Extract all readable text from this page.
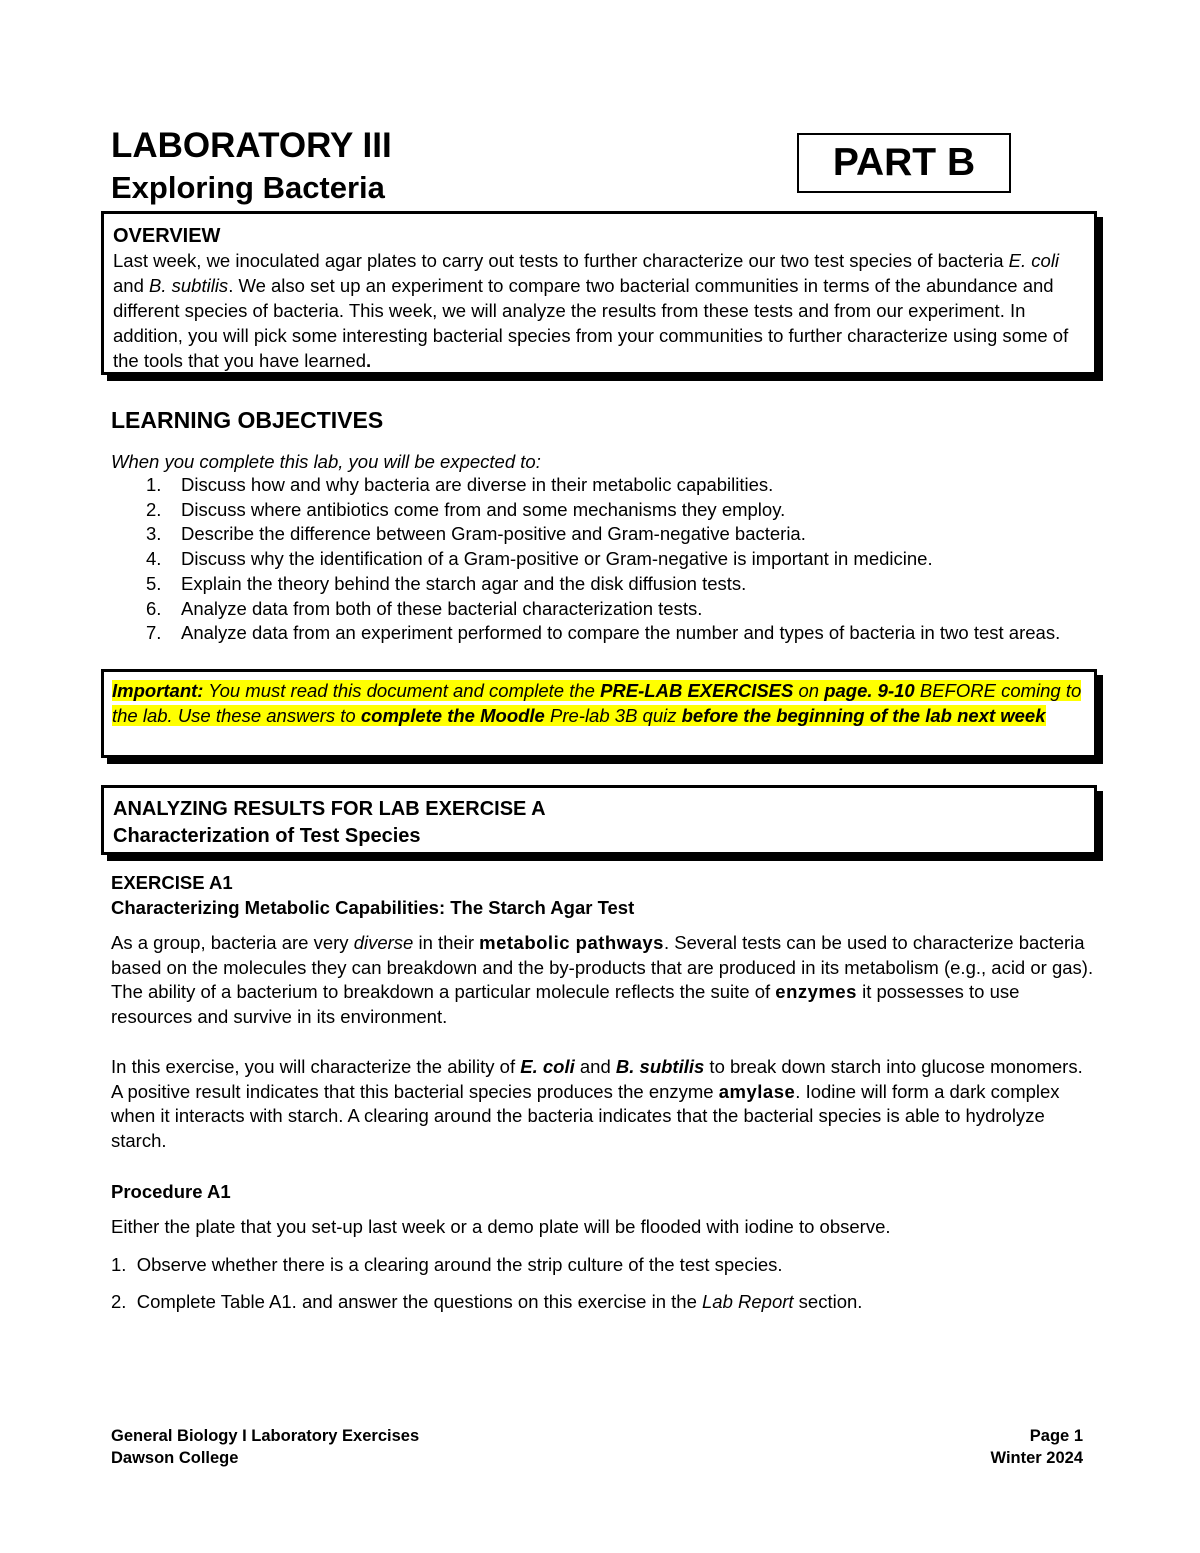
LABORATORY III
Exploring Bacteria
PART B
OVERVIEW
Last week, we inoculated agar plates to carry out tests to further characterize our two test species of bacteria E. coli and B. subtilis. We also set up an experiment to compare two bacterial communities in terms of the abundance and different species of bacteria. This week, we will analyze the results from these tests and from our experiment. In addition, you will pick some interesting bacterial species from your communities to further characterize using some of the tools that you have learned.
LEARNING OBJECTIVES
When you complete this lab, you will be expected to:
1. Discuss how and why bacteria are diverse in their metabolic capabilities.
2. Discuss where antibiotics come from and some mechanisms they employ.
3. Describe the difference between Gram-positive and Gram-negative bacteria.
4. Discuss why the identification of a Gram-positive or Gram-negative is important in medicine.
5. Explain the theory behind the starch agar and the disk diffusion tests.
6. Analyze data from both of these bacterial characterization tests.
7. Analyze data from an experiment performed to compare the number and types of bacteria in two test areas.
Important: You must read this document and complete the PRE-LAB EXERCISES on page. 9-10 BEFORE coming to the lab. Use these answers to complete the Moodle Pre-lab 3B quiz before the beginning of the lab next week
ANALYZING RESULTS FOR LAB EXERCISE A
Characterization of Test Species
EXERCISE A1
Characterizing Metabolic Capabilities: The Starch Agar Test
As a group, bacteria are very diverse in their metabolic pathways. Several tests can be used to characterize bacteria based on the molecules they can breakdown and the by-products that are produced in its metabolism (e.g., acid or gas). The ability of a bacterium to breakdown a particular molecule reflects the suite of enzymes it possesses to use resources and survive in its environment.
In this exercise, you will characterize the ability of E. coli and B. subtilis to break down starch into glucose monomers. A positive result indicates that this bacterial species produces the enzyme amylase. Iodine will form a dark complex when it interacts with starch. A clearing around the bacteria indicates that the bacterial species is able to hydrolyze starch.
Procedure A1
Either the plate that you set-up last week or a demo plate will be flooded with iodine to observe.
1. Observe whether there is a clearing around the strip culture of the test species.
2. Complete Table A1. and answer the questions on this exercise in the Lab Report section.
General Biology I Laboratory Exercises
Dawson College
Page 1
Winter 2024
